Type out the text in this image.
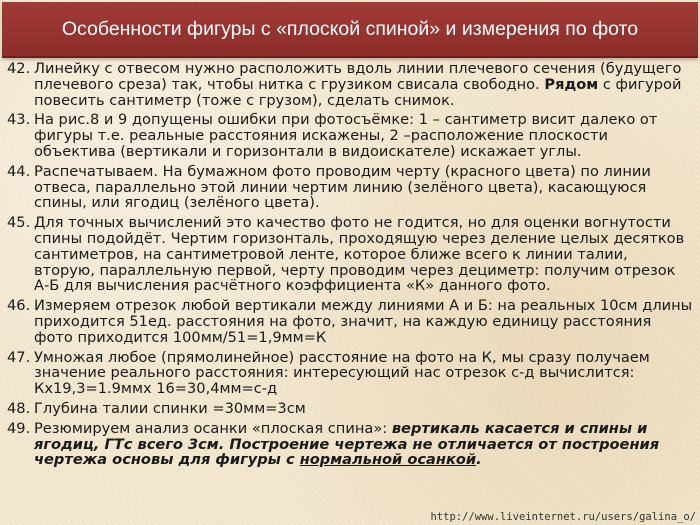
Особенности фигуры с «плоской спиной» и измерения по фото
42. Линейку с отвесом нужно расположить вдоль линии плечевого сечения (будущего плечевого среза) так, чтобы нитка с грузиком свисала свободно. Рядом с фигурой повесить сантиметр (тоже с грузом), сделать снимок.
43. На рис.8 и 9 допущены ошибки при фотосъёмке: 1 – сантиметр висит далеко от фигуры т.е. реальные расстояния искажены, 2 –расположение плоскости объектива (вертикали и горизонтали в видоискателе) искажает углы.
44. Распечатываем. На бумажном фото проводим черту (красного цвета) по линии отвеса, параллельно этой линии чертим линию (зелёного цвета), касающуюся спины, или ягодиц (зелёного цвета).
45. Для точных вычислений это качество фото не годится, но для оценки вогнутости спины подойдёт. Чертим горизонталь, проходящую через деление целых десятков сантиметров, на сантиметровой ленте, которое ближе всего к линии талии, вторую, параллельную первой, черту проводим через дециметр: получим отрезок А-Б для вычисления расчётного коэффициента «К» данного фото.
46. Измеряем отрезок любой вертикали между линиями А и Б: на реальных 10см длины приходится 51ед. расстояния на фото, значит, на каждую единицу расстояния фото приходится 100мм/51=1,9мм=К
47. Умножая любое (прямолинейное) расстояние на фото на К, мы сразу получаем значение реального расстояния: интересующий нас отрезок с-д вычислится: Кх19,3=1.9ммх 16=30,4мм=с-д
48. Глубина талии спинки =30мм=3см
49. Резюмируем анализ осанки «плоская спина»: вертикаль касается и спины и ягодиц, ГТс всего 3см. Построение чертежа не отличается от построения чертежа основы для фигуры с нормальной осанкой.
http://www.liveinternet.ru/users/galina_o/
